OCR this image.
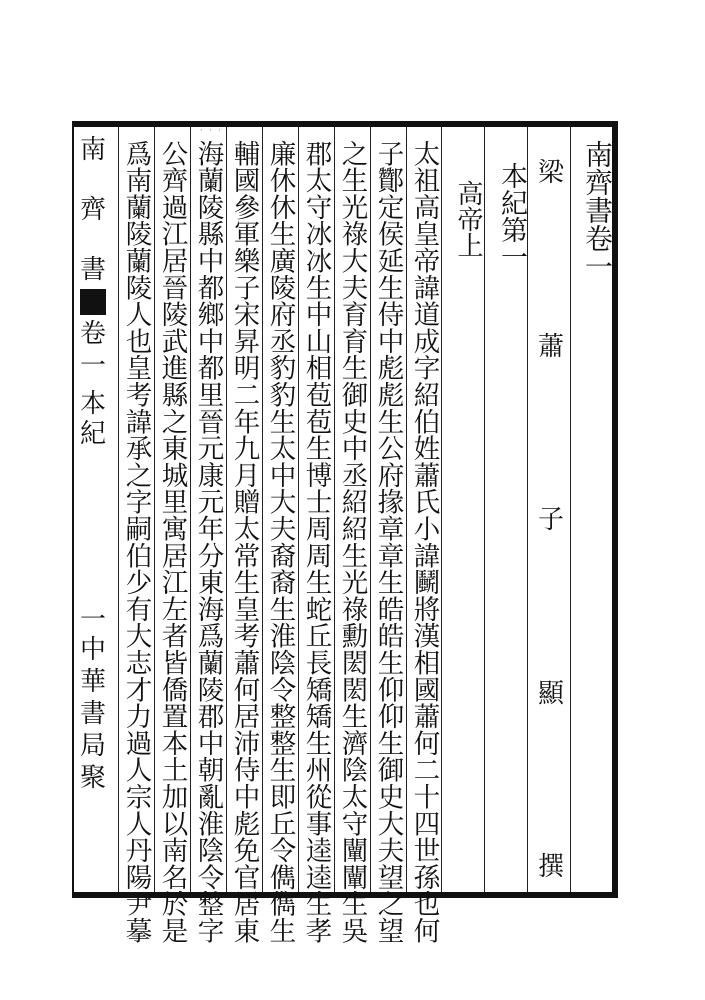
· · ·
南齊書卷一
梁
蕭
子
顯
撰
本紀第一
高帝上
太祖高皇帝諱道成字紹伯姓蕭氏小諱鬭將漢相國蕭何二十四世孫也何
子酇定侯延生侍中彪彪生公府掾章章生皓皓生仰仰生御史大夫望之望
之生光祿大夫育育生御史中丞紹紹生光祿勳閎閎生濟陰太守闡闡生吳
郡太守冰冰生中山相苞苞生博士周周生蛇丘長矯矯生州從事逵逵生孝
廉休休生廣陵府丞豹豹生太中大夫裔裔生淮陰令整整生即丘令儁儁生
輔國參軍樂子宋昇明二年九月贈太常生皇考蕭何居沛侍中彪免官居東
海蘭陵縣中都鄉中都里晉元康元年分東海爲蘭陵郡中朝亂淮陰令整字
公齊過江居晉陵武進縣之東城里寓居江左者皆僑置本土加以南名於是
爲南蘭陵蘭陵人也皇考諱承之字嗣伯少有大志才力過人宗人丹陽尹摹
南
齊
書
卷
一
本
紀
一
中
華
書
局
聚
